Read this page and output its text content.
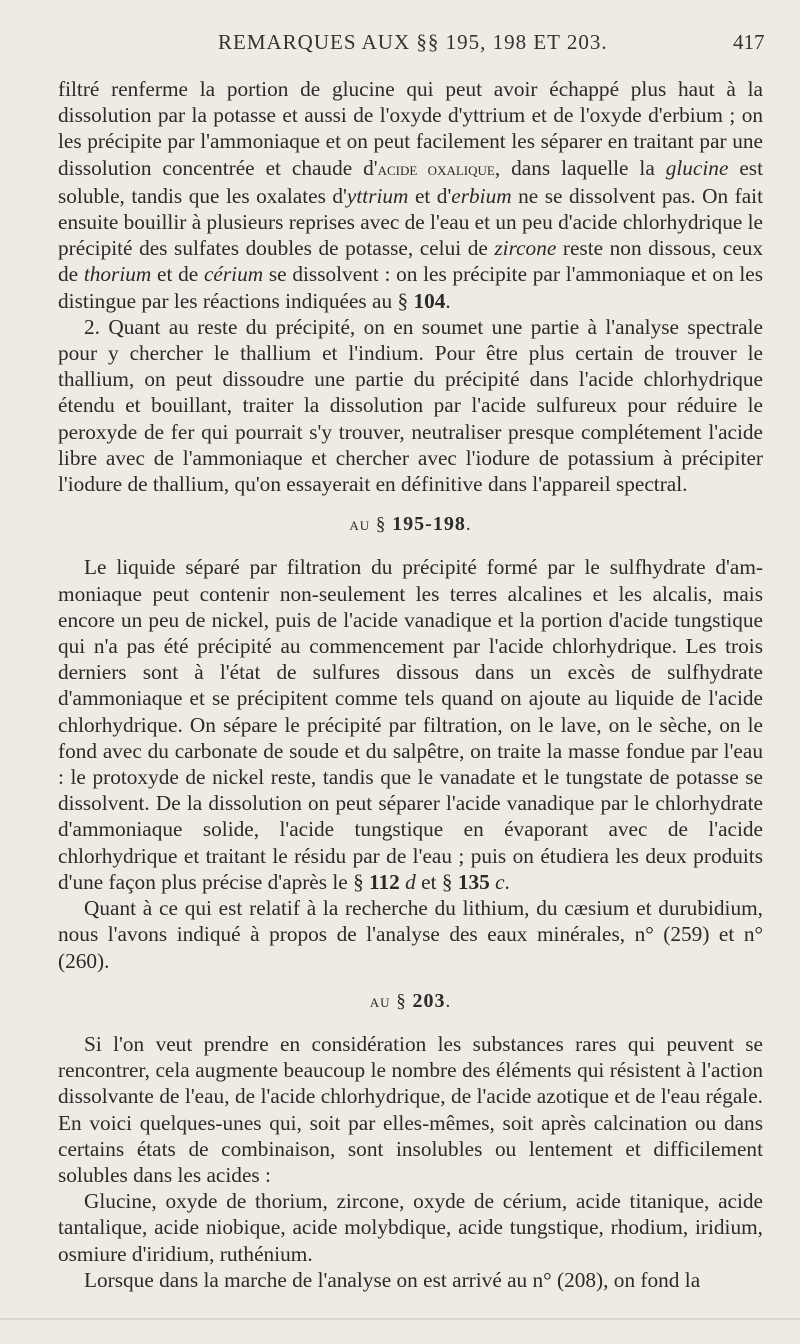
REMARQUES AUX §§ 195, 198 ET 203.	417

filtré renferme la portion de glucine qui peut avoir échappé plus haut à la dissolution par la potasse et aussi de l'oxyde d'yttrium et de l'oxyde d'erbium ; on les précipite par l'ammoniaque et on peut facilement les séparer en traitant par une dissolution concentrée et chaude d'acide oxalique, dans laquelle la glucine est soluble, tandis que les oxalates d'yttrium et d'erbium ne se dissolvent pas. On fait ensuite bouillir à plusieurs reprises avec de l'eau et un peu d'acide chlorhydrique le précipité des sulfates doubles de potasse, celui de zircone reste non dissous, ceux de thorium et de cérium se dissolvent : on les précipite par l'ammoniaque et on les distingue par les réactions indiquées au § 104.

2. Quant au reste du précipité, on en soumet une partie à l'analyse spectrale pour y chercher le thallium et l'indium. Pour être plus certain de trouver le thallium, on peut dissoudre une partie du précipité dans l'acide chlorhydrique étendu et bouillant, traiter la dissolution par l'acide sulfureux pour réduire le peroxyde de fer qui pourrait s'y trouver, neutraliser presque complétement l'acide libre avec de l'ammoniaque et chercher avec l'iodure de potassium à précipiter l'iodure de thallium, qu'on essayerait en définitive dans l'appareil spectral.

au § 195-198.

Le liquide séparé par filtration du précipité formé par le sulfhydrate d'ammoniaque peut contenir non-seulement les terres alcalines et les alcalis, mais encore un peu de nickel, puis de l'acide vanadique et la portion d'acide tungstique qui n'a pas été précipité au commencement par l'acide chlorhydrique. Les trois derniers sont à l'état de sulfures dissous dans un excès de sulfhydrate d'ammoniaque et se précipitent comme tels quand on ajoute au liquide de l'acide chlorhydrique. On sépare le précipité par filtration, on le lave, on le sèche, on le fond avec du carbonate de soude et du salpêtre, on traite la masse fondue par l'eau : le protoxyde de nickel reste, tandis que le vanadate et le tungstate de potasse se dissolvent. De la dissolution on peut séparer l'acide vanadique par le chlorhydrate d'ammoniaque solide, l'acide tungstique en évaporant avec de l'acide chlorhydrique et traitant le résidu par de l'eau ; puis on étudiera les deux produits d'une façon plus précise d'après le § 112 d et § 135 c.

Quant à ce qui est relatif à la recherche du lithium, du cæsium et durubidium, nous l'avons indiqué à propos de l'analyse des eaux minérales, n° (259) et n° (260).

au § 203.

Si l'on veut prendre en considération les substances rares qui peuvent se rencontrer, cela augmente beaucoup le nombre des éléments qui résistent à l'action dissolvante de l'eau, de l'acide chlorhydrique, de l'acide azotique et de l'eau régale. En voici quelques-unes qui, soit par elles-mêmes, soit après calcination ou dans certains états de combinaison, sont insolubles ou lentement et difficilement solubles dans les acides :

Glucine, oxyde de thorium, zircone, oxyde de cérium, acide titanique, acide tantalique, acide niobique, acide molybdique, acide tungstique, rhodium, iridium, osmiure d'iridium, ruthénium.

Lorsque dans la marche de l'analyse on est arrivé au n° (208), on fond la
